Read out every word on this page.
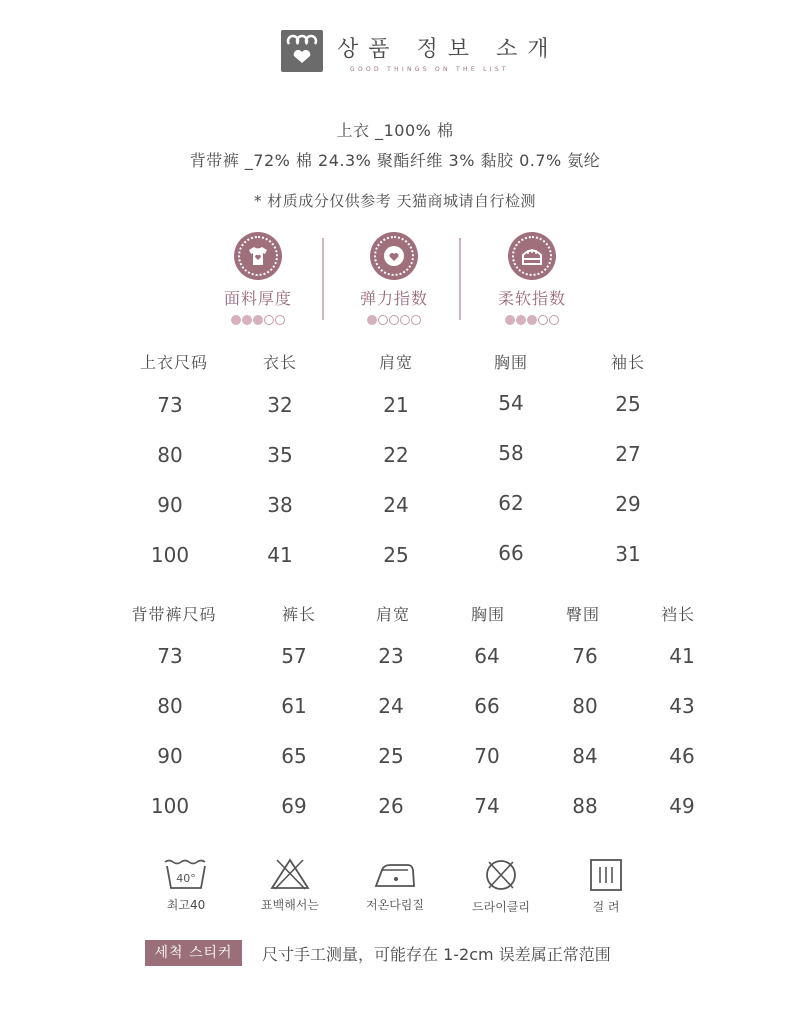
상품 정보 소개
GOOD THINGS ON THE LIST
上衣 _100% 棉
背带裤 _72% 棉 24.3% 聚酯纤维 3% 黏胶 0.7% 氨纶
* 材质成分仅供参考 天猫商城请自行检测
面料厚度	弹力指数	柔软指数
上衣尺码	衣长	肩宽	胸围	袖长
73	32	21	54	25
80	35	22	58	27
90	38	24	62	29
100	41	25	66	31
背带裤尺码	裤长	肩宽	胸围	臀围	裆长
73	57	23	64	76	41
80	61	24	66	80	43
90	65	25	70	84	46
100	69	26	74	88	49
40°
최고40	표백해서는	저온다림질	드라이클리	걸 려
세척 스티커	尺寸手工测量，可能存在 1-2cm 误差属正常范围
